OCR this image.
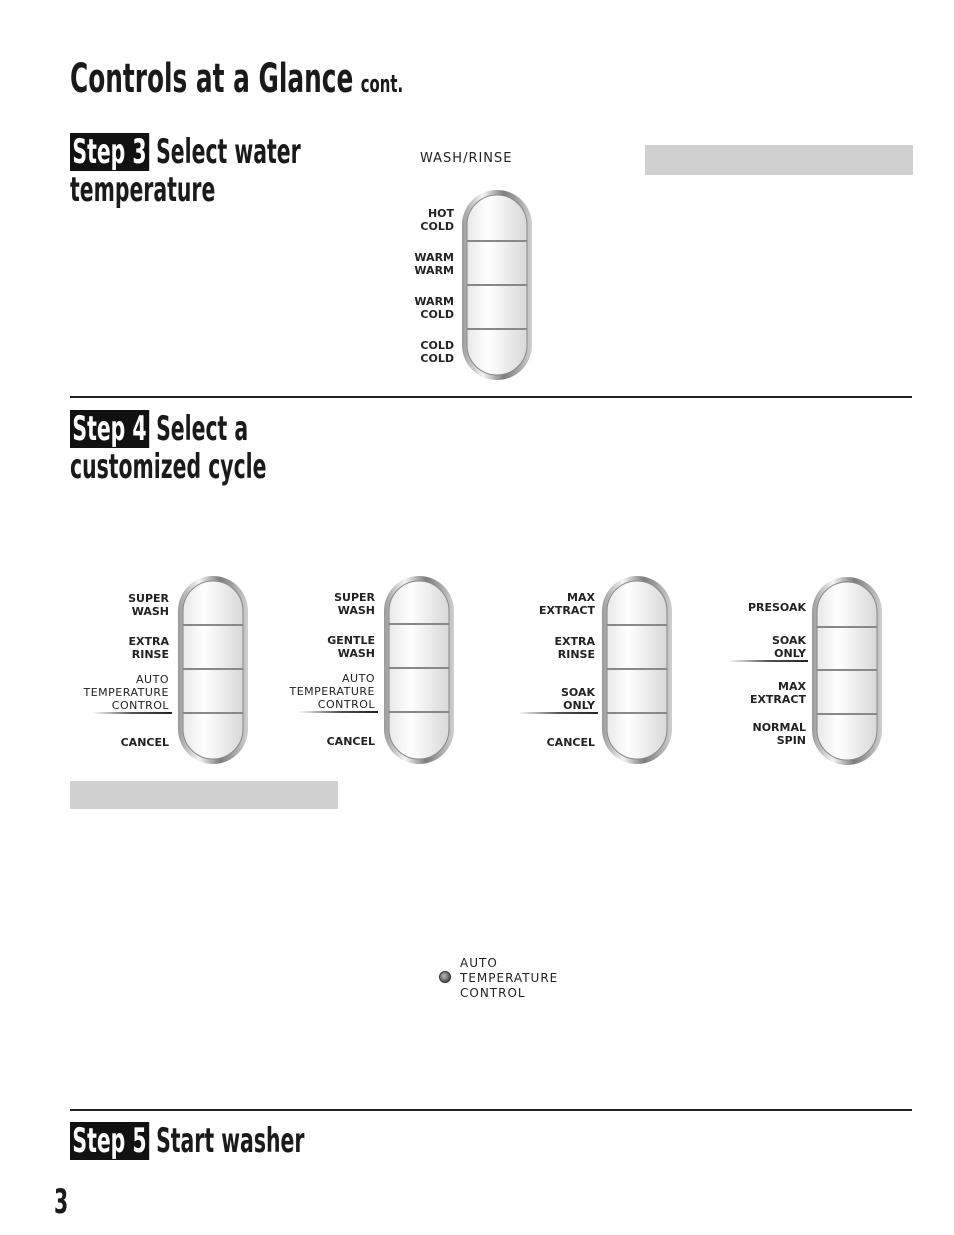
Controls at a Glance cont.
Step 3 Select water
temperature
WASH/RINSE
HOT
COLD
WARM
WARM
WARM
COLD
COLD
COLD
Step 4 Select a
customized cycle
SUPER
WASH
EXTRA
RINSE
AUTO
TEMPERATURE
CONTROL
CANCEL
SUPER
WASH
GENTLE
WASH
AUTO
TEMPERATURE
CONTROL
CANCEL
MAX
EXTRACT
EXTRA
RINSE
SOAK
ONLY
CANCEL
PRESOAK
SOAK
ONLY
MAX
EXTRACT
NORMAL
SPIN
AUTO
TEMPERATURE
CONTROL
Step 5 Start washer
3
